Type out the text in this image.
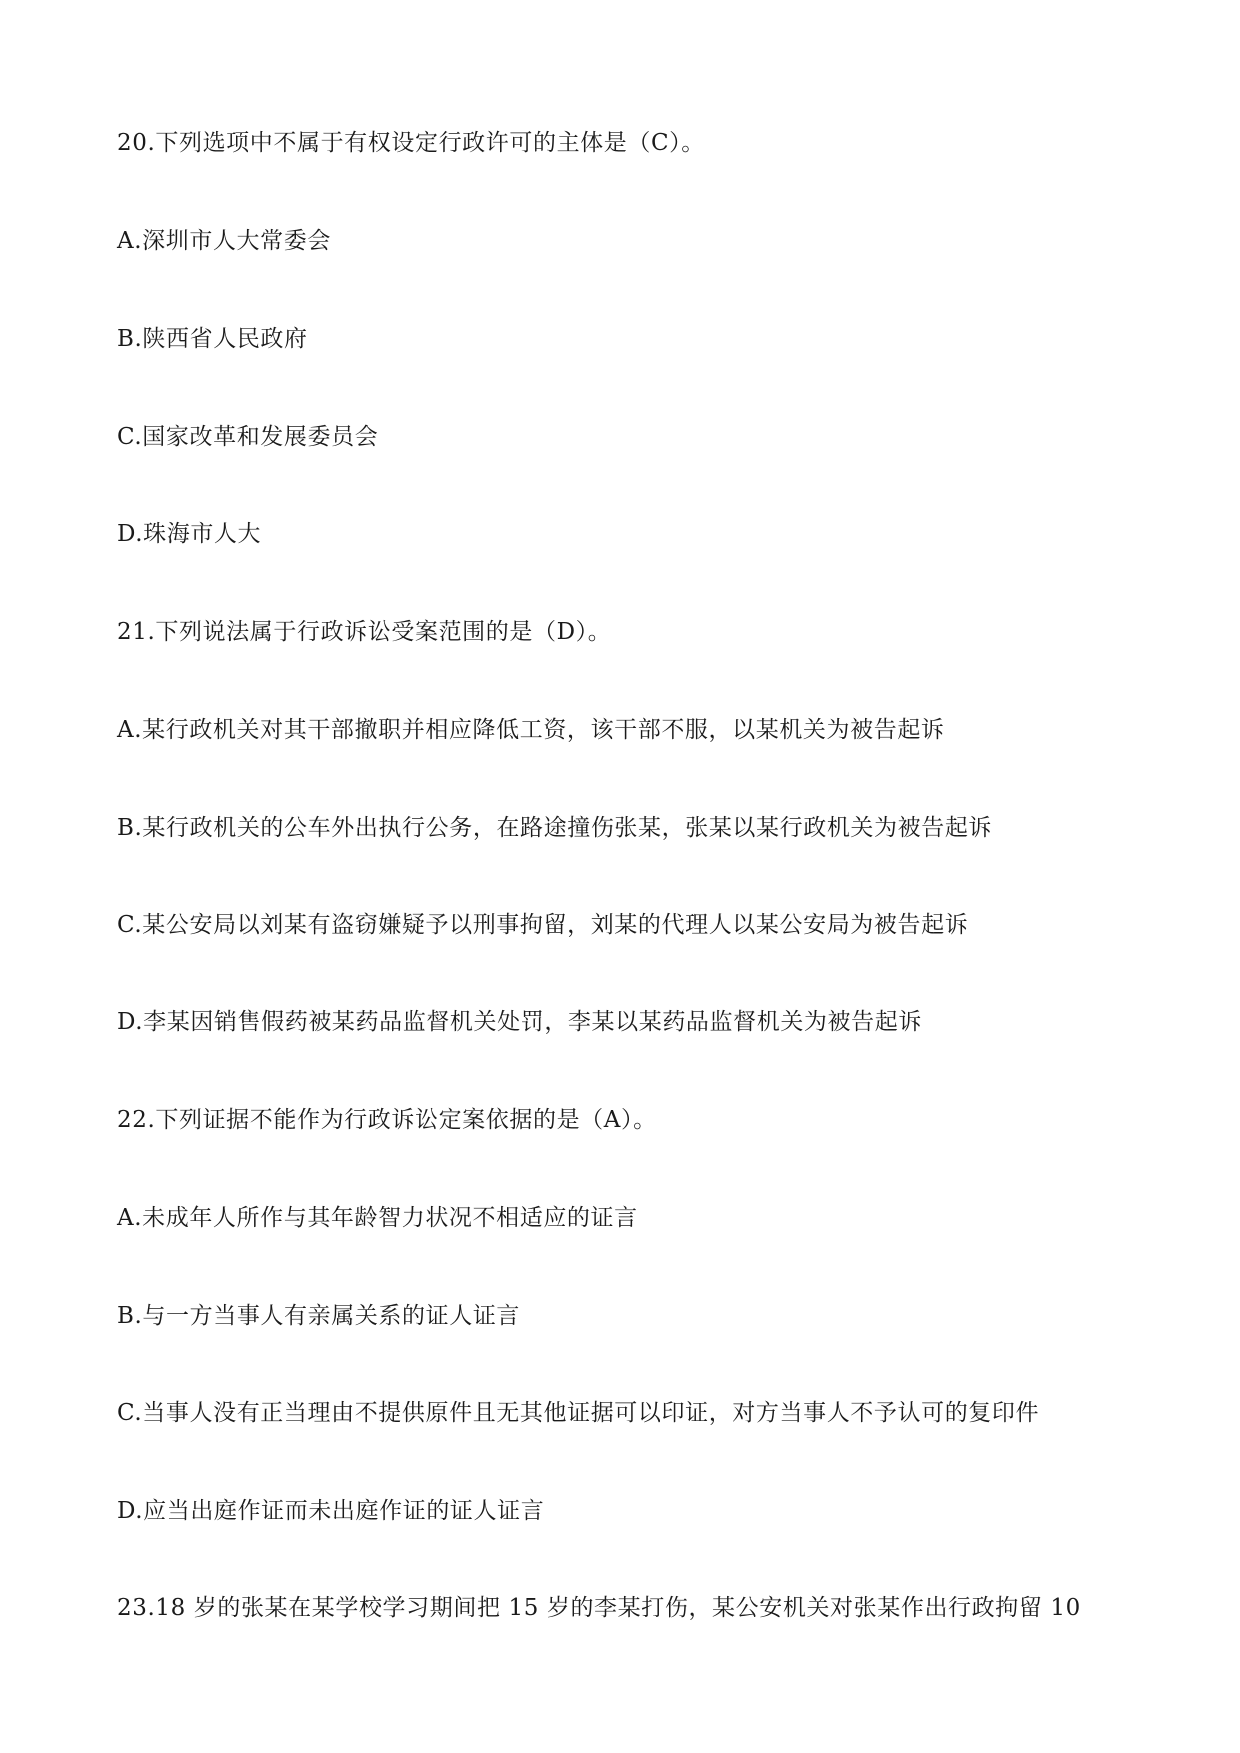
20.下列选项中不属于有权设定行政许可的主体是（C）。
A.深圳市人大常委会
B.陕西省人民政府
C.国家改革和发展委员会
D.珠海市人大
21.下列说法属于行政诉讼受案范围的是（D）。
A.某行政机关对其干部撤职并相应降低工资，该干部不服，以某机关为被告起诉
B.某行政机关的公车外出执行公务，在路途撞伤张某，张某以某行政机关为被告起诉
C.某公安局以刘某有盗窃嫌疑予以刑事拘留，刘某的代理人以某公安局为被告起诉
D.李某因销售假药被某药品监督机关处罚，李某以某药品监督机关为被告起诉
22.下列证据不能作为行政诉讼定案依据的是（A）。
A.未成年人所作与其年龄智力状况不相适应的证言
B.与一方当事人有亲属关系的证人证言
C.当事人没有正当理由不提供原件且无其他证据可以印证，对方当事人不予认可的复印件
D.应当出庭作证而未出庭作证的证人证言
23.18 岁的张某在某学校学习期间把 15 岁的李某打伤，某公安机关对张某作出行政拘留 10
